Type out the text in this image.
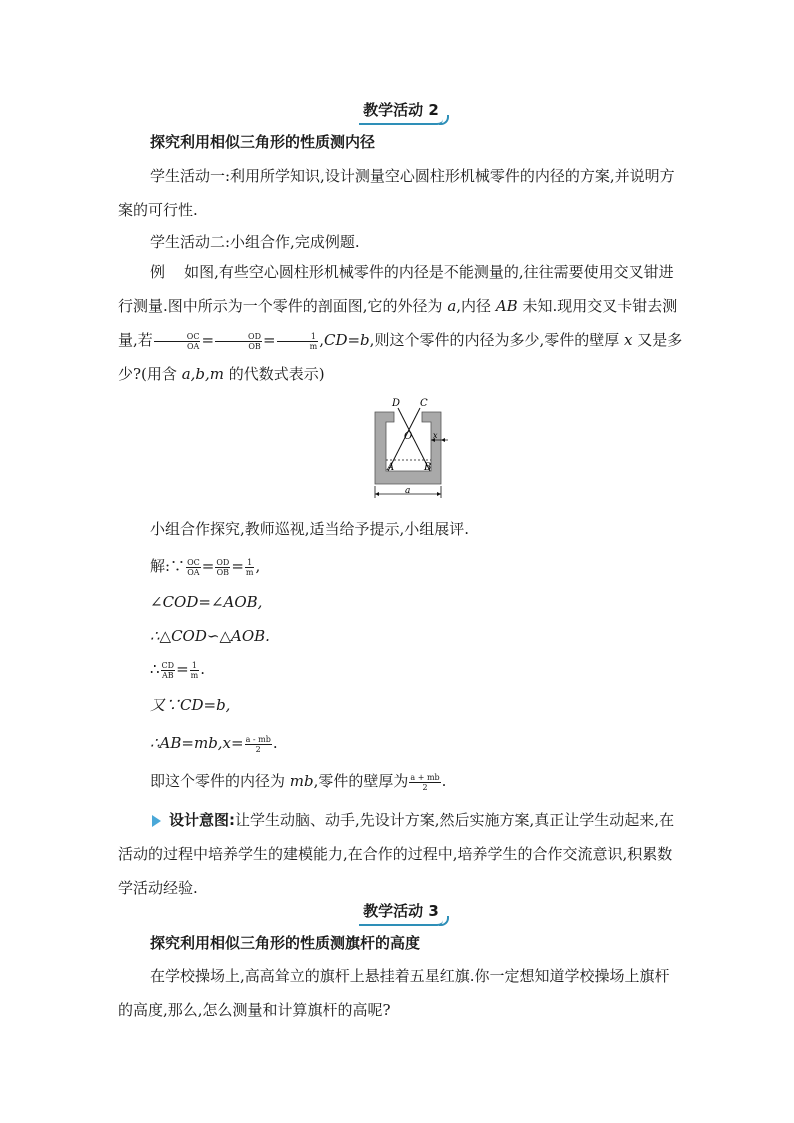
教学活动 2
探究利用相似三角形的性质测内径
学生活动一:利用所学知识,设计测量空心圆柱形机械零件的内径的方案,并说明方案的可行性.
学生活动二:小组合作,完成例题.
例 如图,有些空心圆柱形机械零件的内径是不能测量的,往往需要使用交叉钳进行测量.图中所示为一个零件的剖面图,它的外径为 a,内径 AB 未知.现用交叉卡钳去测量,若 $\frac{OC}{OA} = \frac{OD}{OB} = \frac{1}{m} ,CD=b$,则这个零件的内径为多少,零件的壁厚 x 又是多少?(用含 a,b,m 的代数式表示)
D C
O
A	B
x
a
小组合作探究,教师巡视,适当给予提示,小组展评.
解:∵ $\frac{OC}{OA} = \frac{OD}{OB} = \frac{1}{m}$ ,
∠COD=∠AOB,
∴△COD∽△AOB.
∴ $\frac{CD}{AB} = \frac{1}{m}$ .
又∵CD=b,
∴AB=mb,x= $\frac{a - mb}{2}$ .
即这个零件的内径为 mb,零件的壁厚为 $\frac{a + mb}{2}$ .
设计意图:让学生动脑、动手,先设计方案,然后实施方案,真正让学生动起来,在活动的过程中培养学生的建模能力,在合作的过程中,培养学生的合作交流意识,积累数学活动经验.
教学活动 3
探究利用相似三角形的性质测旗杆的高度
在学校操场上,高高耸立的旗杆上悬挂着五星红旗.你一定想知道学校操场上旗杆的高度,那么,怎么测量和计算旗杆的高呢?
